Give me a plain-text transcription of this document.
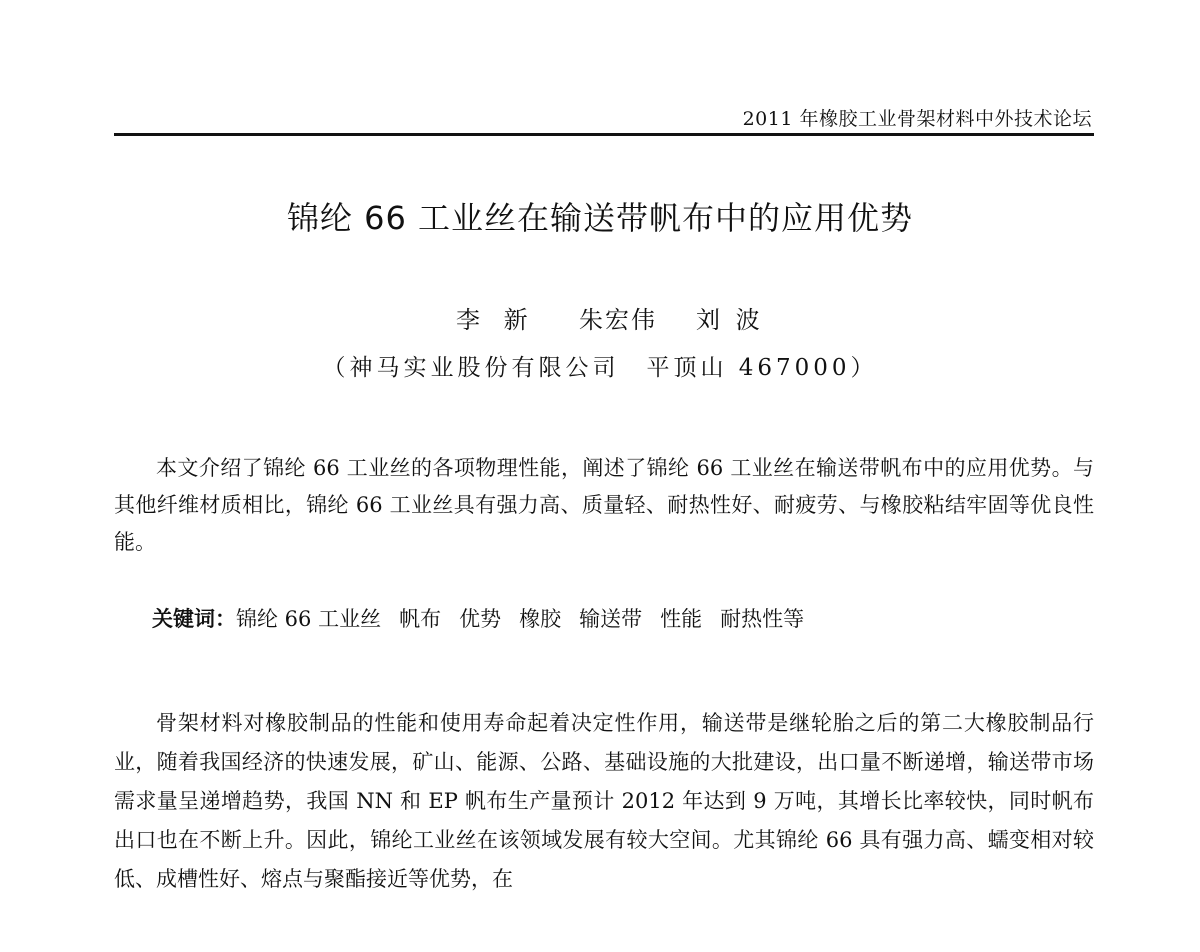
2011 年橡胶工业骨架材料中外技术论坛
锦纶 66 工业丝在输送带帆布中的应用优势
李 新	朱宏伟	刘 波
（神马实业股份有限公司　平顶山 467000）

本文介绍了锦纶 66 工业丝的各项物理性能，阐述了锦纶 66 工业丝在输送带帆布中的应用优势。与其他纤维材质相比，锦纶 66 工业丝具有强力高、质量轻、耐热性好、耐疲劳、与橡胶粘结牢固等优良性能。

关键词：锦纶 66 工业丝 帆布 优势 橡胶 输送带 性能 耐热性等

骨架材料对橡胶制品的性能和使用寿命起着决定性作用，输送带是继轮胎之后的第二大橡胶制品行业，随着我国经济的快速发展，矿山、能源、公路、基础设施的大批建设，出口量不断递增，输送带市场需求量呈递增趋势，我国 NN 和 EP 帆布生产量预计 2012 年达到 9 万吨，其增长比率较快，同时帆布出口也在不断上升。因此，锦纶工业丝在该领域发展有较大空间。尤其锦纶 66 具有强力高、蠕变相对较低、成槽性好、熔点与聚酯接近等优势，在
